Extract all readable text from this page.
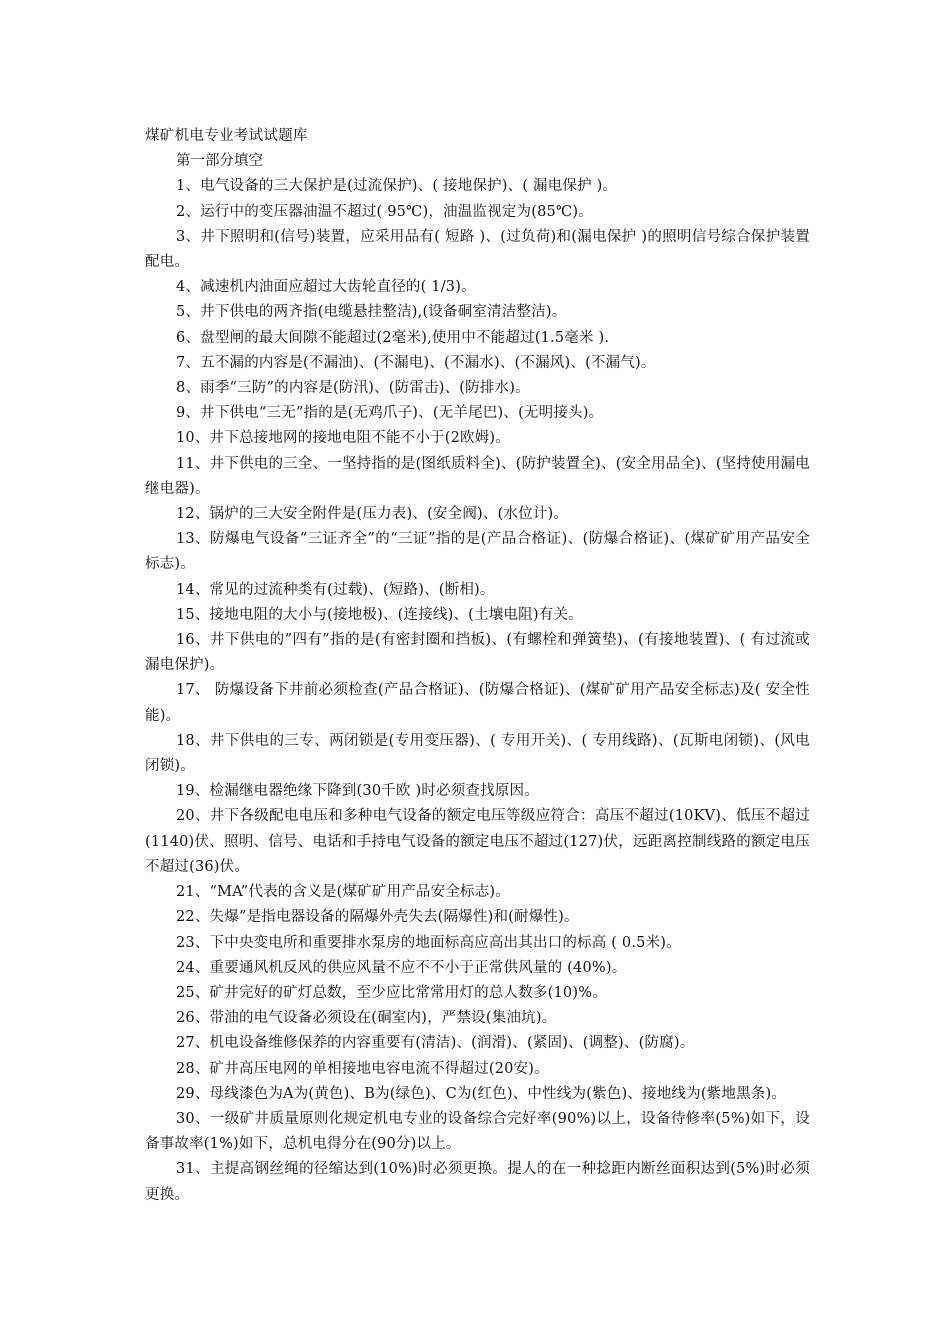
煤矿机电专业考试试题库

第一部分填空

1、电气设备的三大保护是(过流保护)、( 接地保护)、( 漏电保护 )。
2、运行中的变压器油温不超过( 95℃)，油温监视定为(85℃)。
3、井下照明和(信号)装置，应采用品有( 短路 )、(过负荷)和(漏电保护 )的照明信号综合保护装置配电。
4、减速机内油面应超过大齿轮直径的( 1/3)。
5、井下供电的两齐指(电缆悬挂整洁),(设备硐室清洁整洁)。
6、盘型闸的最大间隙不能超过(2毫米),使用中不能超过(1.5毫米 ).
7、五不漏的内容是(不漏油)、(不漏电)、(不漏水)、(不漏风)、(不漏气)。
8、雨季“三防”的内容是(防汛)、(防雷击)、(防排水)。
9、井下供电“三无”指的是(无鸡爪子)、(无羊尾巴)、(无明接头)。
10、井下总接地网的接地电阻不能不小于(2欧姆)。
11、井下供电的三全、一坚持指的是(图纸质料全)、(防护装置全)、(安全用品全)、(坚持使用漏电继电器)。
12、锅炉的三大安全附件是(压力表)、(安全阀)、(水位计)。
13、防爆电气设备“三证齐全”的“三证”指的是(产品合格证)、(防爆合格证)、(煤矿矿用产品安全标志)。
14、常见的过流种类有(过载)、(短路)、(断相)。
15、接地电阻的大小与(接地极)、(连接线)、(土壤电阻)有关。
16、井下供电的”四有”指的是(有密封圈和挡板)、(有螺栓和弹簧垫)、(有接地装置)、( 有过流或漏电保护)。
17、 防爆设备下井前必须检查(产品合格证)、(防爆合格证)、(煤矿矿用产品安全标志)及( 安全性能)。
18、井下供电的三专、两闭锁是(专用变压器)、( 专用开关)、( 专用线路)、(瓦斯电闭锁)、(风电闭锁)。
19、检漏继电器绝缘下降到(30千欧 )时必须查找原因。
20、井下各级配电电压和多种电气设备的额定电压等级应符合：高压不超过(10KV)、低压不超过(1140)伏、照明、信号、电话和手持电气设备的额定电压不超过(127)伏，远距离控制线路的额定电压不超过(36)伏。
21、“MA”代表的含义是(煤矿矿用产品安全标志)。
22、失爆”是指电器设备的隔爆外壳失去(隔爆性)和(耐爆性)。
23、下中央变电所和重要排水泵房的地面标高应高出其出口的标高 ( 0.5米)。
24、重要通风机反风的供应风量不应不不小于正常供风量的 (40%)。
25、矿井完好的矿灯总数，至少应比常常用灯的总人数多(10)%。
26、带油的电气设备必须设在(硐室内)，严禁设(集油坑)。
27、机电设备维修保养的内容重要有(清洁)、(润滑)、(紧固)、(调整)、(防腐)。
28、矿井高压电网的单相接地电容电流不得超过(20安)。
29、母线漆色为A为(黄色)、B为(绿色)、C为(红色)、中性线为(紫色)、接地线为(紫地黑条)。
30、一级矿井质量原则化规定机电专业的设备综合完好率(90%)以上，设备待修率(5%)如下，设备事故率(1%)如下，总机电得分在(90分)以上。
31、主提高钢丝绳的径缩达到(10%)时必须更换。提人的在一种捻距内断丝面积达到(5%)时必须更换。
